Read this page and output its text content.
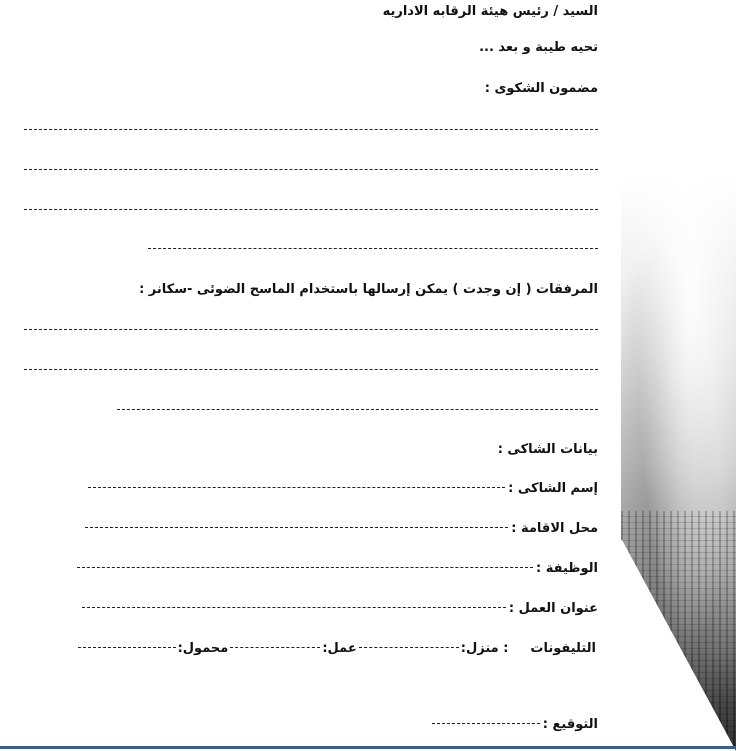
السيد / رئيس هيئة الرقابه الاداريه
تحيه طيبة و بعد ...
مضمون الشكوى :
المرفقات ( إن وجدت ) يمكن إرسالها باستخدام الماسح الضوئى -سكانر :
بيانات الشاكى :
إسم الشاكى :
محل الاقامة :
الوظيفة :
عنوان العمل :
التليفونات
: منزل:
عمل:
محمول:
التوقيع :
